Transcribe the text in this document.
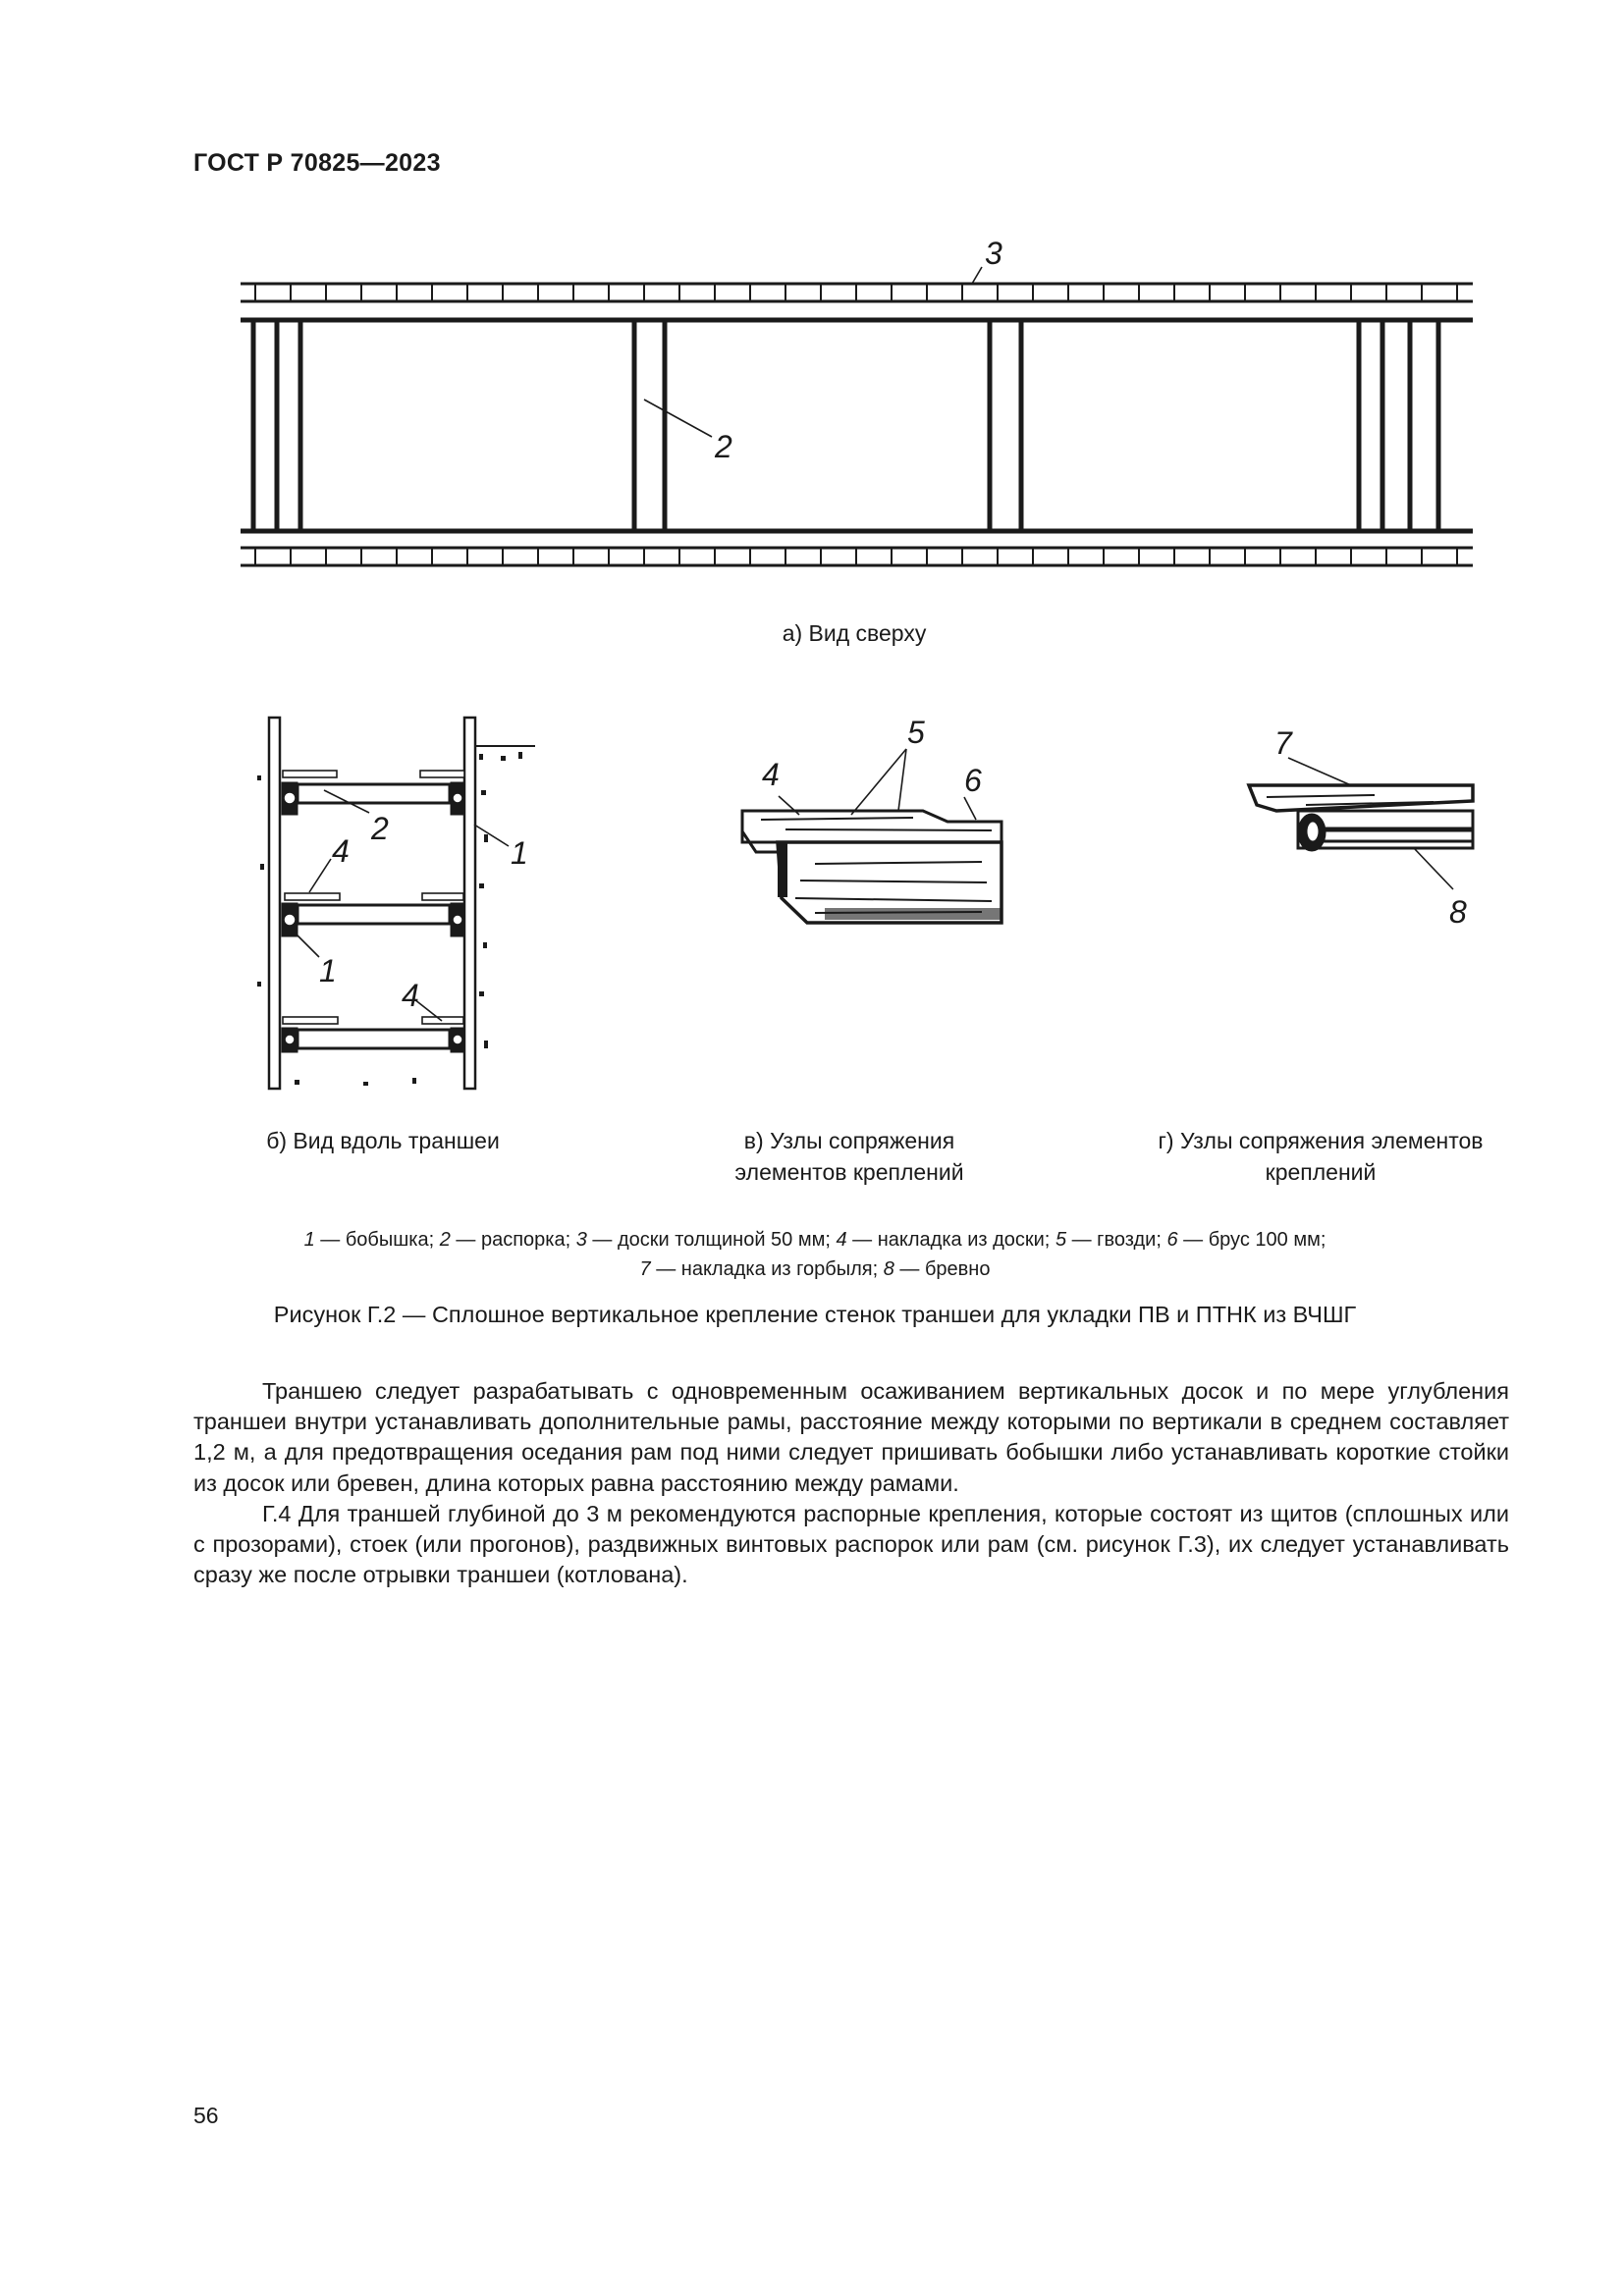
ГОСТ Р 70825—2023
3
2
а) Вид сверху
2
1
4
1
4
4
5
6
7
8
б) Вид вдоль траншеи	в) Узлы сопряжения
элементов креплений
г) Узлы сопряжения элементов
креплений
1 — бобышка; 2 — распорка; 3 — доски толщиной 50 мм; 4 — накладка из доски; 5 — гвозди; 6 — брус 100 мм;
7 — накладка из горбыля; 8 — бревно
Рисунок Г.2 — Сплошное вертикальное крепление стенок траншеи для укладки ПВ и ПТНК из ВЧШГ

Траншею следует разрабатывать с одновременным осаживанием вертикальных досок и по мере углубления траншеи внутри устанавливать дополнительные рамы, расстояние между которыми по вертикали в среднем составляет 1,2 м, а для предотвращения оседания рам под ними следует пришивать бобышки либо устанавливать короткие стойки из досок или бревен, длина которых равна расстоянию между рамами.

Г.4 Для траншей глубиной до 3 м рекомендуются распорные крепления, которые состоят из щитов (сплошных или с прозорами), стоек (или прогонов), раздвижных винтовых распорок или рам (см. рисунок Г.3), их следует устанавливать сразу же после отрывки траншеи (котлована).

56
